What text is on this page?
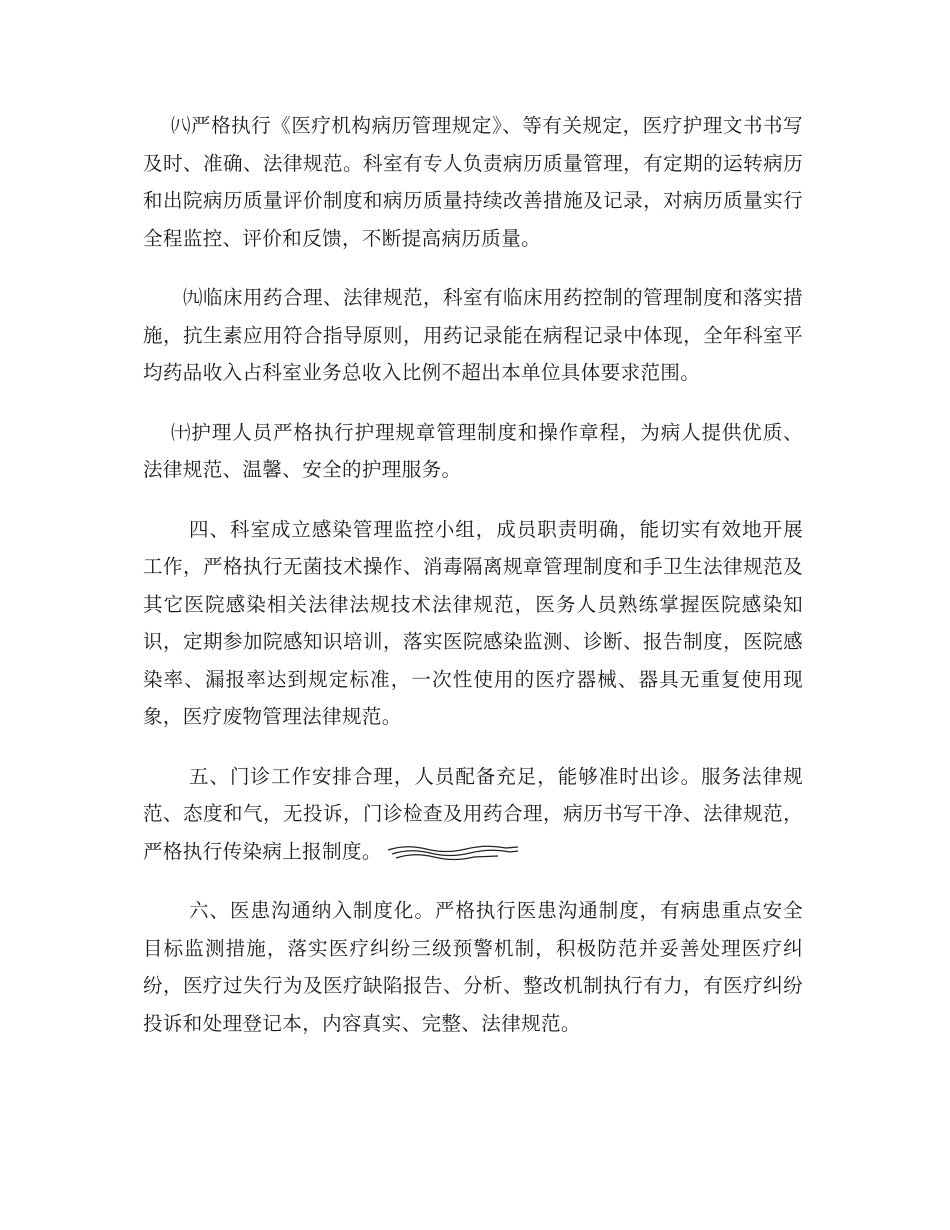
㈧严格执行《医疗机构病历管理规定》、等有关规定，医疗护理文书书写及时、准确、法律规范。科室有专人负责病历质量管理，有定期的运转病历和出院病历质量评价制度和病历质量持续改善措施及记录，对病历质量实行全程监控、评价和反馈，不断提高病历质量。

㈨临床用药合理、法律规范，科室有临床用药控制的管理制度和落实措施，抗生素应用符合指导原则，用药记录能在病程记录中体现，全年科室平均药品收入占科室业务总收入比例不超出本单位具体要求范围。

㈩护理人员严格执行护理规章管理制度和操作章程，为病人提供优质、法律规范、温馨、安全的护理服务。

四、科室成立感染管理监控小组，成员职责明确，能切实有效地开展工作，严格执行无菌技术操作、消毒隔离规章管理制度和手卫生法律规范及其它医院感染相关法律法规技术法律规范，医务人员熟练掌握医院感染知识，定期参加院感知识培训，落实医院感染监测、诊断、报告制度，医院感染率、漏报率达到规定标准，一次性使用的医疗器械、器具无重复使用现象，医疗废物管理法律规范。

五、门诊工作安排合理，人员配备充足，能够准时出诊。服务法律规范、态度和气，无投诉，门诊检查及用药合理，病历书写干净、法律规范，严格执行传染病上报制度。

六、医患沟通纳入制度化。严格执行医患沟通制度，有病患重点安全目标监测措施，落实医疗纠纷三级预警机制，积极防范并妥善处理医疗纠纷，医疗过失行为及医疗缺陷报告、分析、整改机制执行有力，有医疗纠纷投诉和处理登记本，内容真实、完整、法律规范。
